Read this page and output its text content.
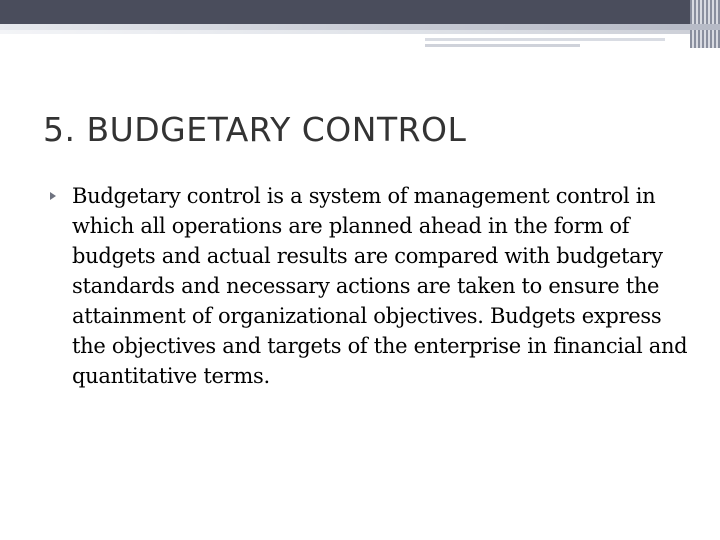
5. BUDGETARY CONTROL

Budgetary control is a system of management control in which all operations are planned ahead in the form of budgets and actual results are compared with budgetary standards and necessary actions are taken to ensure the attainment of organizational objectives. Budgets express the objectives and targets of the enterprise in financial and quantitative terms.
